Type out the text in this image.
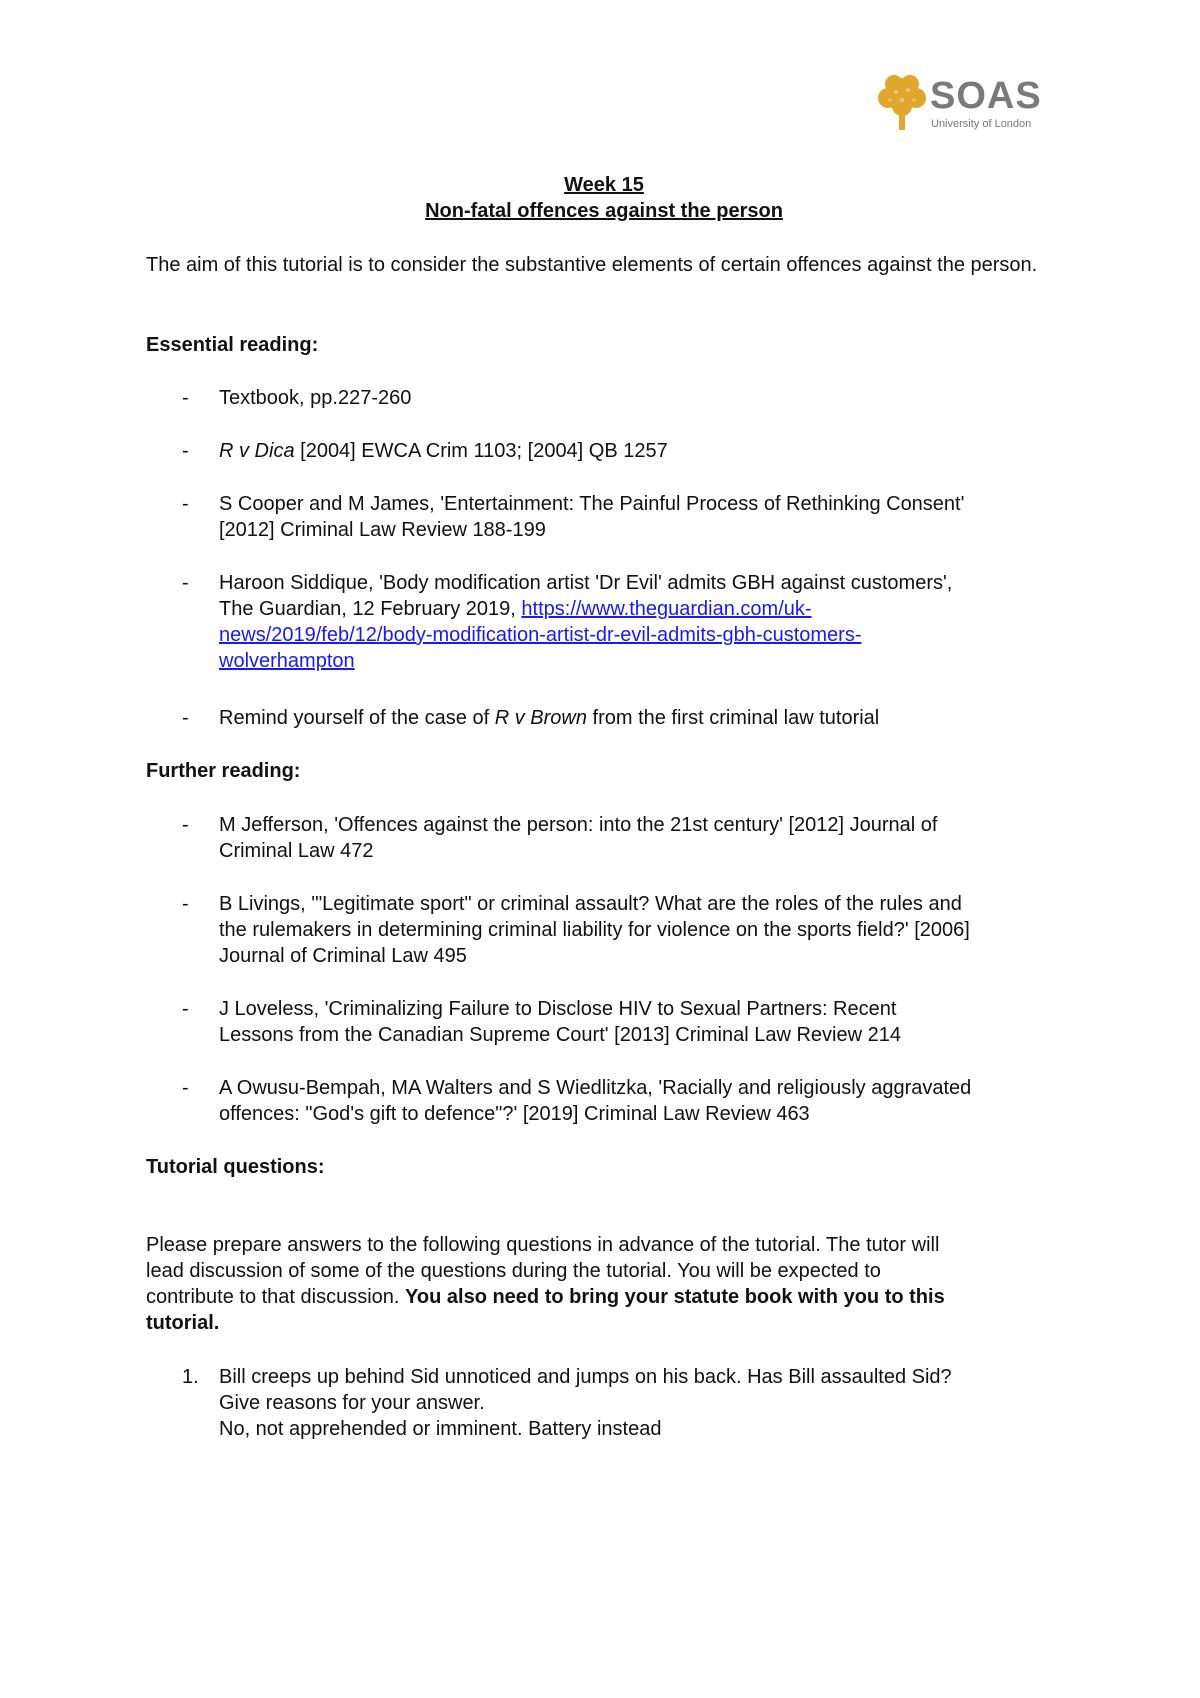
SOAS
University of London
Week 15
Non-fatal offences against the person
The aim of this tutorial is to consider the substantive elements of certain offences against the person.
Essential reading:
-	Textbook, pp.227-260
-	R v Dica [2004] EWCA Crim 1103; [2004] QB 1257
-	S Cooper and M James, 'Entertainment: The Painful Process of Rethinking Consent'
[2012] Criminal Law Review 188-199
-	Haroon Siddique, 'Body modification artist 'Dr Evil' admits GBH against customers',
The Guardian, 12 February 2019, https://www.theguardian.com/uk-
news/2019/feb/12/body-modification-artist-dr-evil-admits-gbh-customers-
wolverhampton
-	Remind yourself of the case of R v Brown from the first criminal law tutorial
Further reading:
-	M Jefferson, 'Offences against the person: into the 21st century' [2012] Journal of
Criminal Law 472
-	B Livings, '"Legitimate sport" or criminal assault? What are the roles of the rules and
the rulemakers in determining criminal liability for violence on the sports field?' [2006]
Journal of Criminal Law 495
-	J Loveless, 'Criminalizing Failure to Disclose HIV to Sexual Partners: Recent
Lessons from the Canadian Supreme Court' [2013] Criminal Law Review 214
-	A Owusu-Bempah, MA Walters and S Wiedlitzka, 'Racially and religiously aggravated
offences: "God's gift to defence"?' [2019] Criminal Law Review 463
Tutorial questions:
Please prepare answers to the following questions in advance of the tutorial. The tutor will
lead discussion of some of the questions during the tutorial. You will be expected to
contribute to that discussion. You also need to bring your statute book with you to this
tutorial.
1.	Bill creeps up behind Sid unnoticed and jumps on his back. Has Bill assaulted Sid?
Give reasons for your answer.
No, not apprehended or imminent. Battery instead
